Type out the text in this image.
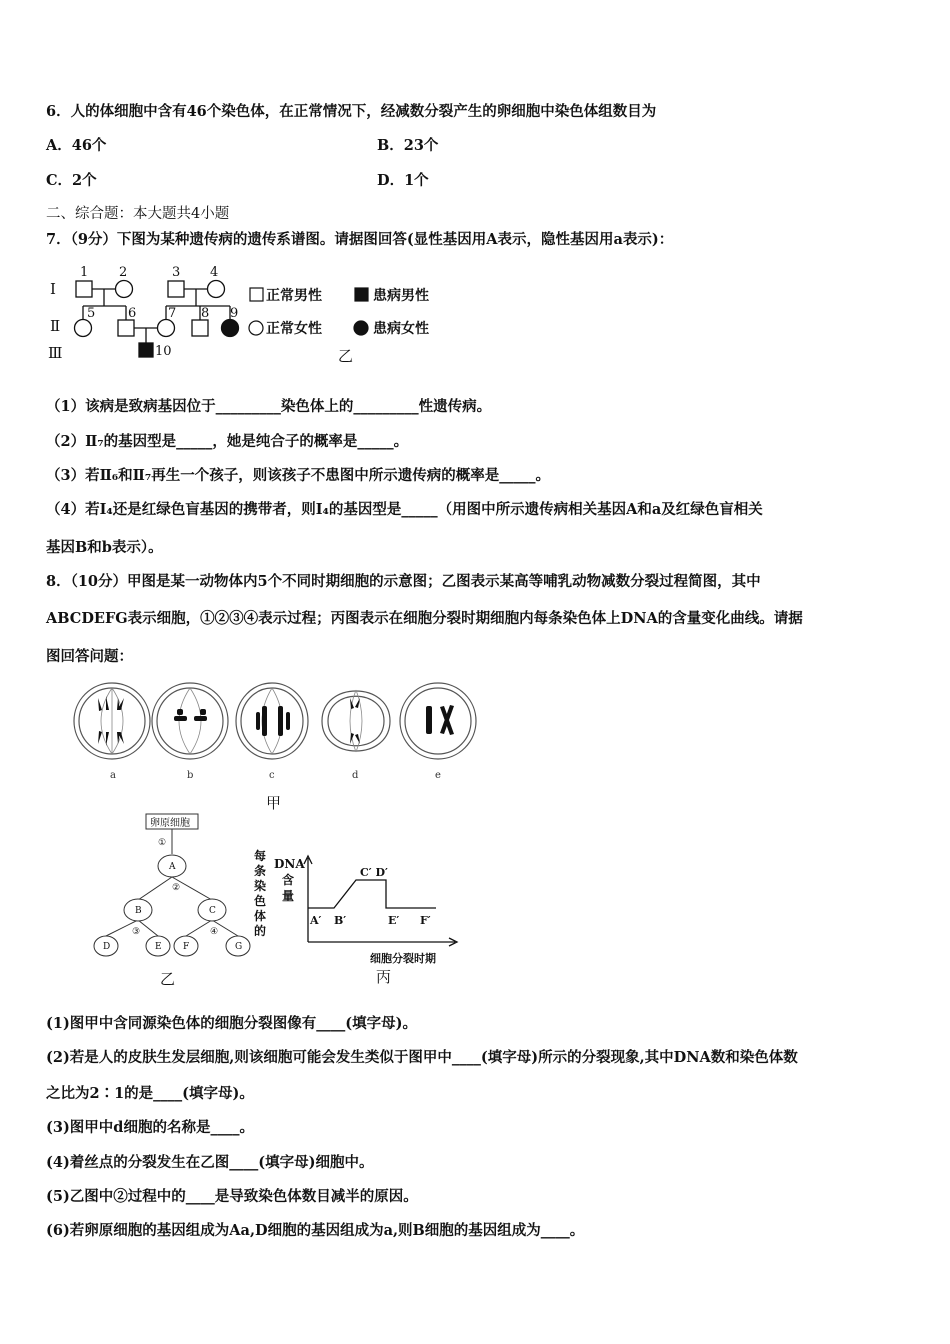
6．人的体细胞中含有46个染色体，在正常情况下，经减数分裂产生的卵细胞中染色体组数目为
A．46个	B．23个
C．2个	D．1个
二、综合题：本大题共4小题
7．（9分）下图为某种遗传病的遗传系谱图。请据图回答(显性基因用A表示，隐性基因用a表示)：
Ⅰ
Ⅱ
Ⅲ
1 2	3 4
5	6 7 8 9
10
正常男性	患病男性
正常女性	患病女性
乙
（1）该病是致病基因位于_________染色体上的_________性遗传病。
（2）Ⅱ₇的基因型是_____，她是纯合子的概率是_____。
（3）若Ⅱ₆和Ⅱ₇再生一个孩子，则该孩子不患图中所示遗传病的概率是_____。
（4）若I₄还是红绿色盲基因的携带者，则I₄的基因型是_____（用图中所示遗传病相关基因A和a及红绿色盲相关
基因B和b表示）。
8．（10分）甲图是某一动物体内5个不同时期细胞的示意图；乙图表示某高等哺乳动物减数分裂过程简图，其中
ABCDEFG表示细胞，①②③④表示过程；丙图表示在细胞分裂时期细胞内每条染色体上DNA的含量变化曲线。请据
图回答问题：
a	b	c	d	e
甲
卵原细胞
A
B	C
D	E F	G
①
②
③	④
乙
每
条
染
色
体
的
DNA
含
量
A′ B′
C′ D′
E′ F′
细胞分裂时期
丙
(1)图甲中含同源染色体的细胞分裂图像有____(填字母)。
(2)若是人的皮肤生发层细胞,则该细胞可能会发生类似于图甲中____(填字母)所示的分裂现象,其中DNA数和染色体数
之比为2∶1的是____(填字母)。
(3)图甲中d细胞的名称是____。
(4)着丝点的分裂发生在乙图____(填字母)细胞中。
(5)乙图中②过程中的____是导致染色体数目减半的原因。
(6)若卵原细胞的基因组成为Aa,D细胞的基因组成为a,则B细胞的基因组成为____。
